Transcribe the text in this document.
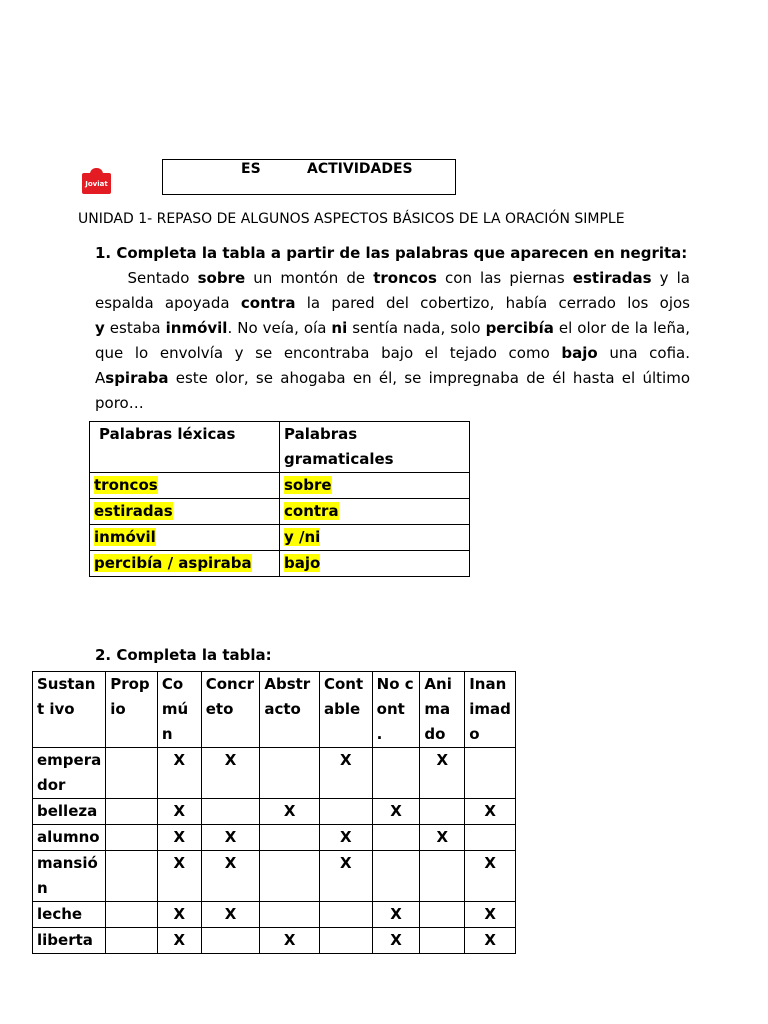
Joviat
ES	ACTIVIDADES
UNIDAD 1- REPASO DE ALGUNOS ASPECTOS BÁSICOS DE LA ORACIÓN SIMPLE
1. Completa la tabla a partir de las palabras que aparecen en negrita:
Sentado sobre un montón de troncos con las piernas estiradas y la espalda apoyada contra la pared del cobertizo, había cerrado los ojos y estaba inmóvil. No veía, oía ni sentía nada, solo percibía el olor de la leña, que lo envolvía y se encontraba bajo el tejado como bajo una cofia. Aspiraba este olor, se ahogaba en él, se impregnaba de él hasta el último poro…
Palabras léxicas	Palabras gramaticales
troncos	sobre
estiradas	contra
inmóvil	y /ni
percibía / aspiraba	bajo
2. Completa la tabla:
Sustant ivo	Prop io	Co mú n	Concr eto	Abstr acto	Cont able	No cont .	Ani ma do	Inan imad o
empera dor		X	X		X		X	
belleza		X		X		X		X
alumno		X	X		X		X	
mansió n		X	X		X			X
leche		X	X			X		X
liberta		X		X		X		X
